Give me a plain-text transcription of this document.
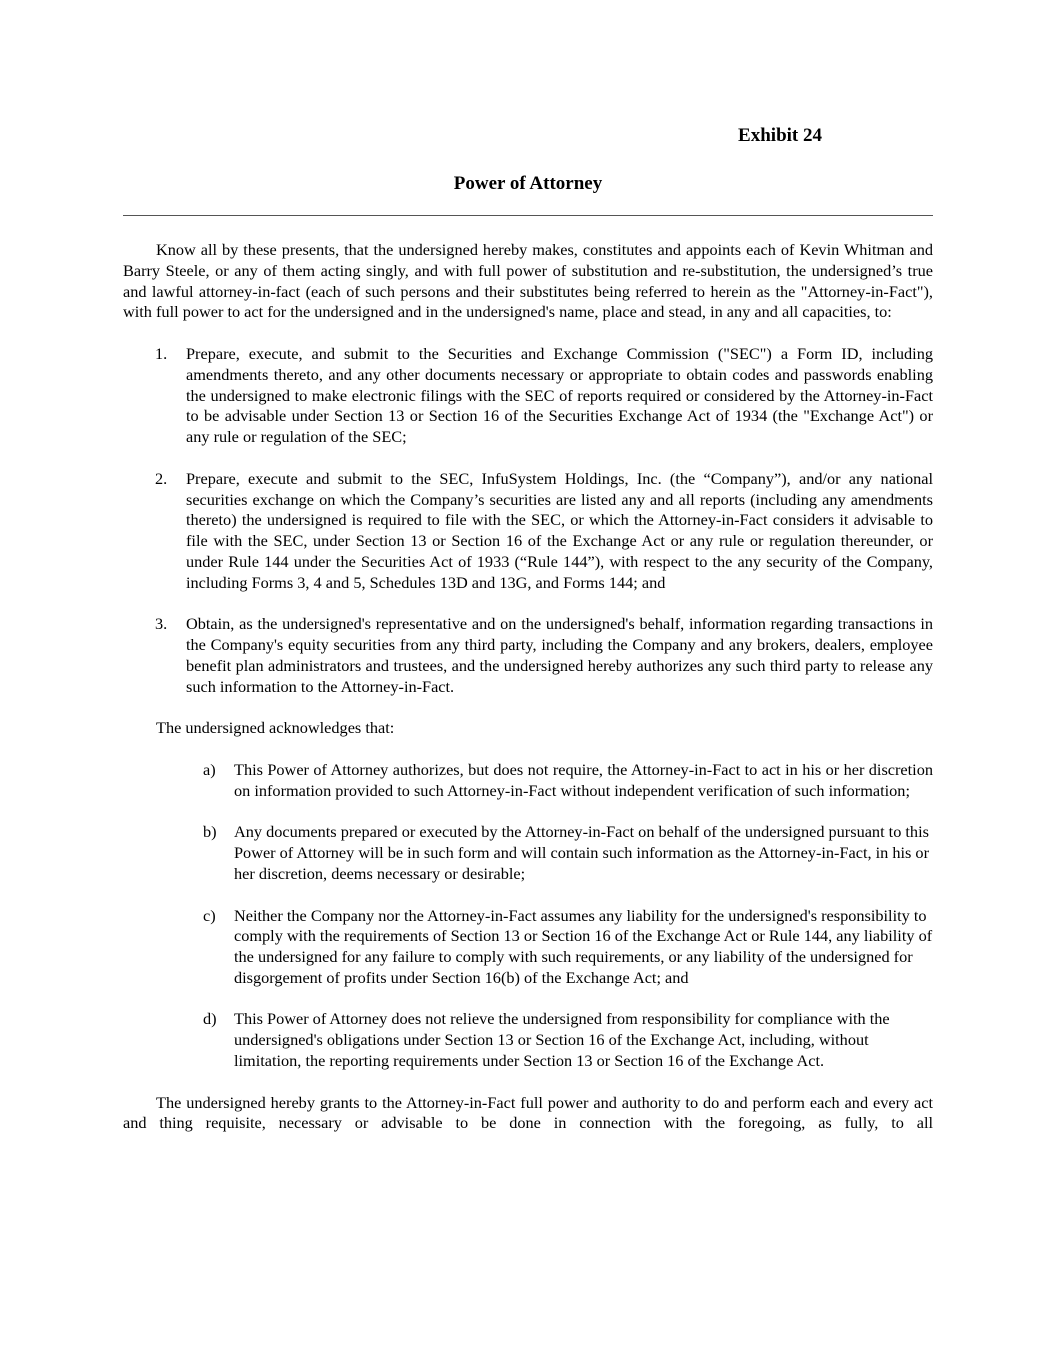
Exhibit 24
Power of Attorney

Know all by these presents, that the undersigned hereby makes, constitutes and appoints each of Kevin Whitman and Barry Steele, or any of them acting singly, and with full power of substitution and re-substitution, the undersigned’s true and lawful attorney-in-fact (each of such persons and their substitutes being referred to herein as the "Attorney-in-Fact"), with full power to act for the undersigned and in the undersigned's name, place and stead, in any and all capacities, to:

1. Prepare, execute, and submit to the Securities and Exchange Commission ("SEC") a Form ID, including amendments thereto, and any other documents necessary or appropriate to obtain codes and passwords enabling the undersigned to make electronic filings with the SEC of reports required or considered by the Attorney-in-Fact to be advisable under Section 13 or Section 16 of the Securities Exchange Act of 1934 (the "Exchange Act") or any rule or regulation of the SEC;
2. Prepare, execute and submit to the SEC, InfuSystem Holdings, Inc. (the “Company”), and/or any national securities exchange on which the Company’s securities are listed any and all reports (including any amendments thereto) the undersigned is required to file with the SEC, or which the Attorney-in-Fact considers it advisable to file with the SEC, under Section 13 or Section 16 of the Exchange Act or any rule or regulation thereunder, or under Rule 144 under the Securities Act of 1933 (“Rule 144”), with respect to the any security of the Company, including Forms 3, 4 and 5, Schedules 13D and 13G, and Forms 144; and
3. Obtain, as the undersigned's representative and on the undersigned's behalf, information regarding transactions in the Company's equity securities from any third party, including the Company and any brokers, dealers, employee benefit plan administrators and trustees, and the undersigned hereby authorizes any such third party to release any such information to the Attorney-in-Fact.

The undersigned acknowledges that:

a) This Power of Attorney authorizes, but does not require, the Attorney-in-Fact to act in his or her discretion on information provided to such Attorney-in-Fact without independent verification of such information;
b) Any documents prepared or executed by the Attorney-in-Fact on behalf of the undersigned pursuant to this Power of Attorney will be in such form and will contain such information as the Attorney-in-Fact, in his or her discretion, deems necessary or desirable;
c) Neither the Company nor the Attorney-in-Fact assumes any liability for the undersigned's responsibility to comply with the requirements of Section 13 or Section 16 of the Exchange Act or Rule 144, any liability of the undersigned for any failure to comply with such requirements, or any liability of the undersigned for disgorgement of profits under Section 16(b) of the Exchange Act; and
d) This Power of Attorney does not relieve the undersigned from responsibility for compliance with the undersigned's obligations under Section 13 or Section 16 of the Exchange Act, including, without limitation, the reporting requirements under Section 13 or Section 16 of the Exchange Act.

The undersigned hereby grants to the Attorney-in-Fact full power and authority to do and perform each and every act and thing requisite, necessary or advisable to be done in connection with the foregoing, as fully, to all
